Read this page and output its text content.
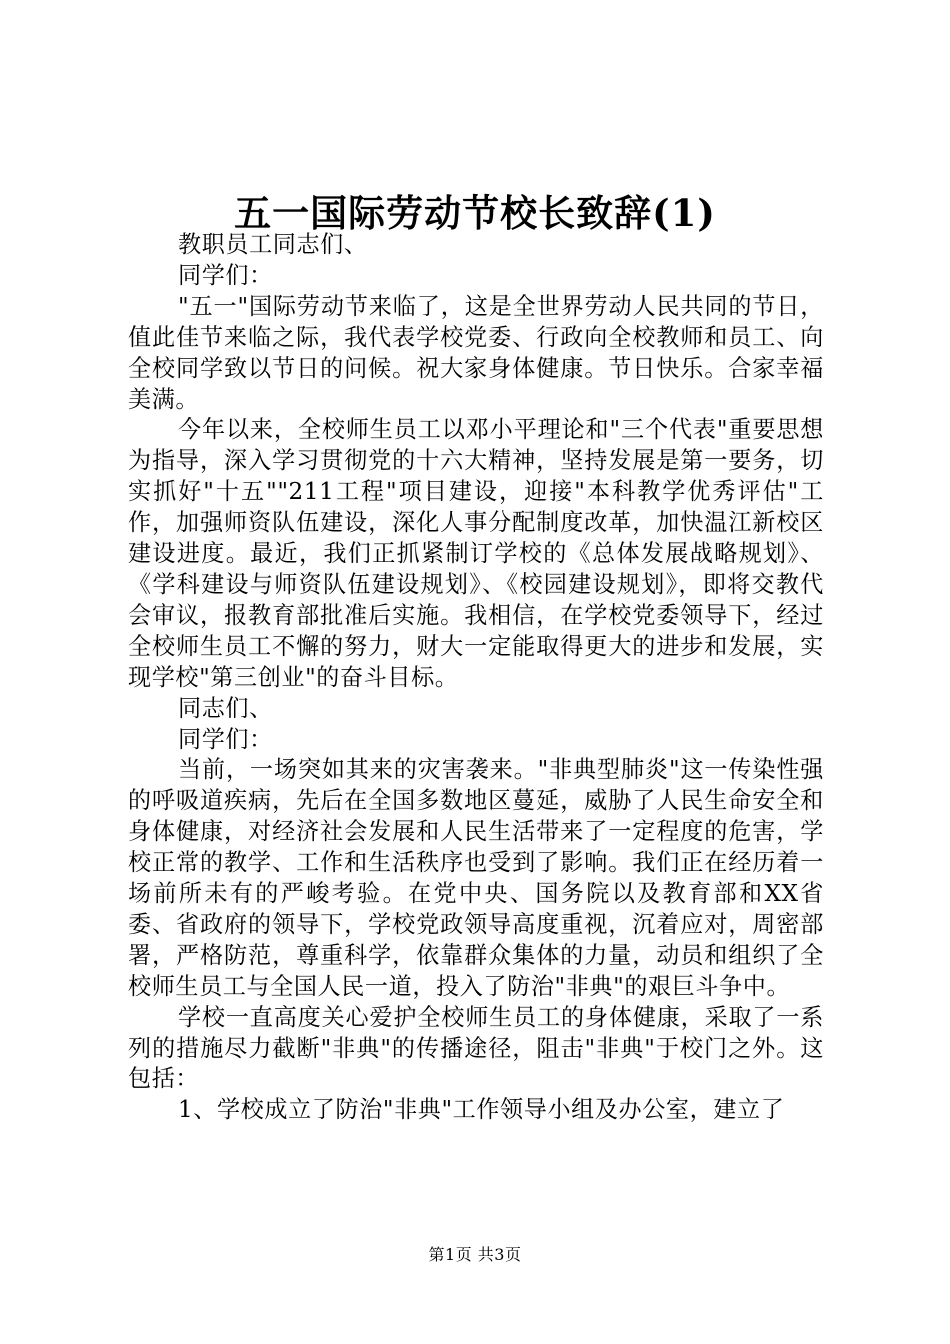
五一国际劳动节校长致辞(1)

教职员工同志们、

同学们：

"五一"国际劳动节来临了，这是全世界劳动人民共同的节日，值此佳节来临之际，我代表学校党委、行政向全校教师和员工、向全校同学致以节日的问候。祝大家身体健康。节日快乐。合家幸福美满。

今年以来，全校师生员工以邓小平理论和"三个代表"重要思想为指导，深入学习贯彻党的十六大精神，坚持发展是第一要务，切实抓好"十五""211工程"项目建设，迎接"本科教学优秀评估"工作，加强师资队伍建设，深化人事分配制度改革，加快温江新校区建设进度。最近，我们正抓紧制订学校的《总体发展战略规划》、《学科建设与师资队伍建设规划》、《校园建设规划》，即将交教代会审议，报教育部批准后实施。我相信，在学校党委领导下，经过全校师生员工不懈的努力，财大一定能取得更大的进步和发展，实现学校"第三创业"的奋斗目标。

同志们、

同学们：

当前，一场突如其来的灾害袭来。"非典型肺炎"这一传染性强的呼吸道疾病，先后在全国多数地区蔓延，威胁了人民生命安全和身体健康，对经济社会发展和人民生活带来了一定程度的危害，学校正常的教学、工作和生活秩序也受到了影响。我们正在经历着一场前所未有的严峻考验。在党中央、国务院以及教育部和XX省委、省政府的领导下，学校党政领导高度重视，沉着应对，周密部署，严格防范，尊重科学，依靠群众集体的力量，动员和组织了全校师生员工与全国人民一道，投入了防治"非典"的艰巨斗争中。

学校一直高度关心爱护全校师生员工的身体健康，采取了一系列的措施尽力截断"非典"的传播途径，阻击"非典"于校门之外。这包括：

1、学校成立了防治"非典"工作领导小组及办公室，建立了

第1页 共3页
